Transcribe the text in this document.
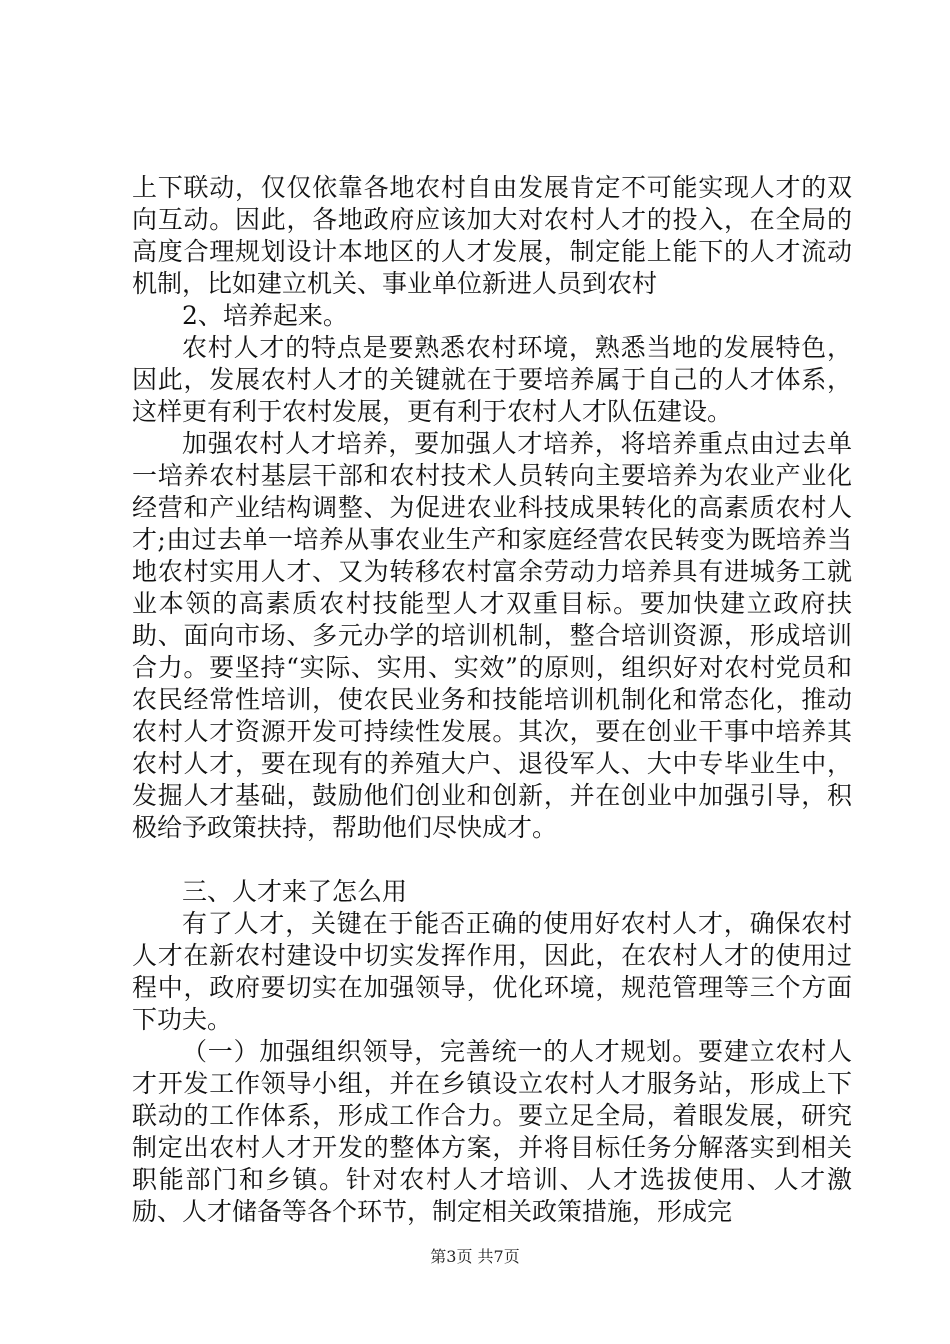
上下联动，仅仅依靠各地农村自由发展肯定不可能实现人才的双向互动。因此，各地政府应该加大对农村人才的投入，在全局的高度合理规划设计本地区的人才发展，制定能上能下的人才流动机制，比如建立机关、事业单位新进人员到农村

2、培养起来。

农村人才的特点是要熟悉农村环境，熟悉当地的发展特色，因此，发展农村人才的关键就在于要培养属于自己的人才体系，这样更有利于农村发展，更有利于农村人才队伍建设。

加强农村人才培养，要加强人才培养，将培养重点由过去单一培养农村基层干部和农村技术人员转向主要培养为农业产业化经营和产业结构调整、为促进农业科技成果转化的高素质农村人才;由过去单一培养从事农业生产和家庭经营农民转变为既培养当地农村实用人才、又为转移农村富余劳动力培养具有进城务工就业本领的高素质农村技能型人才双重目标。要加快建立政府扶助、面向市场、多元办学的培训机制，整合培训资源，形成培训合力。要坚持“实际、实用、实效”的原则，组织好对农村党员和农民经常性培训，使农民业务和技能培训机制化和常态化，推动农村人才资源开发可持续性发展。其次，要在创业干事中培养其农村人才，要在现有的养殖大户、退役军人、大中专毕业生中，发掘人才基础，鼓励他们创业和创新，并在创业中加强引导，积极给予政策扶持，帮助他们尽快成才。

三、人才来了怎么用

有了人才，关键在于能否正确的使用好农村人才，确保农村人才在新农村建设中切实发挥作用，因此，在农村人才的使用过程中，政府要切实在加强领导，优化环境，规范管理等三个方面下功夫。

（一）加强组织领导，完善统一的人才规划。要建立农村人才开发工作领导小组，并在乡镇设立农村人才服务站，形成上下联动的工作体系，形成工作合力。要立足全局，着眼发展，研究制定出农村人才开发的整体方案，并将目标任务分解落实到相关职能部门和乡镇。针对农村人才培训、人才选拔使用、人才激励、人才储备等各个环节，制定相关政策措施，形成完

第3页 共7页
